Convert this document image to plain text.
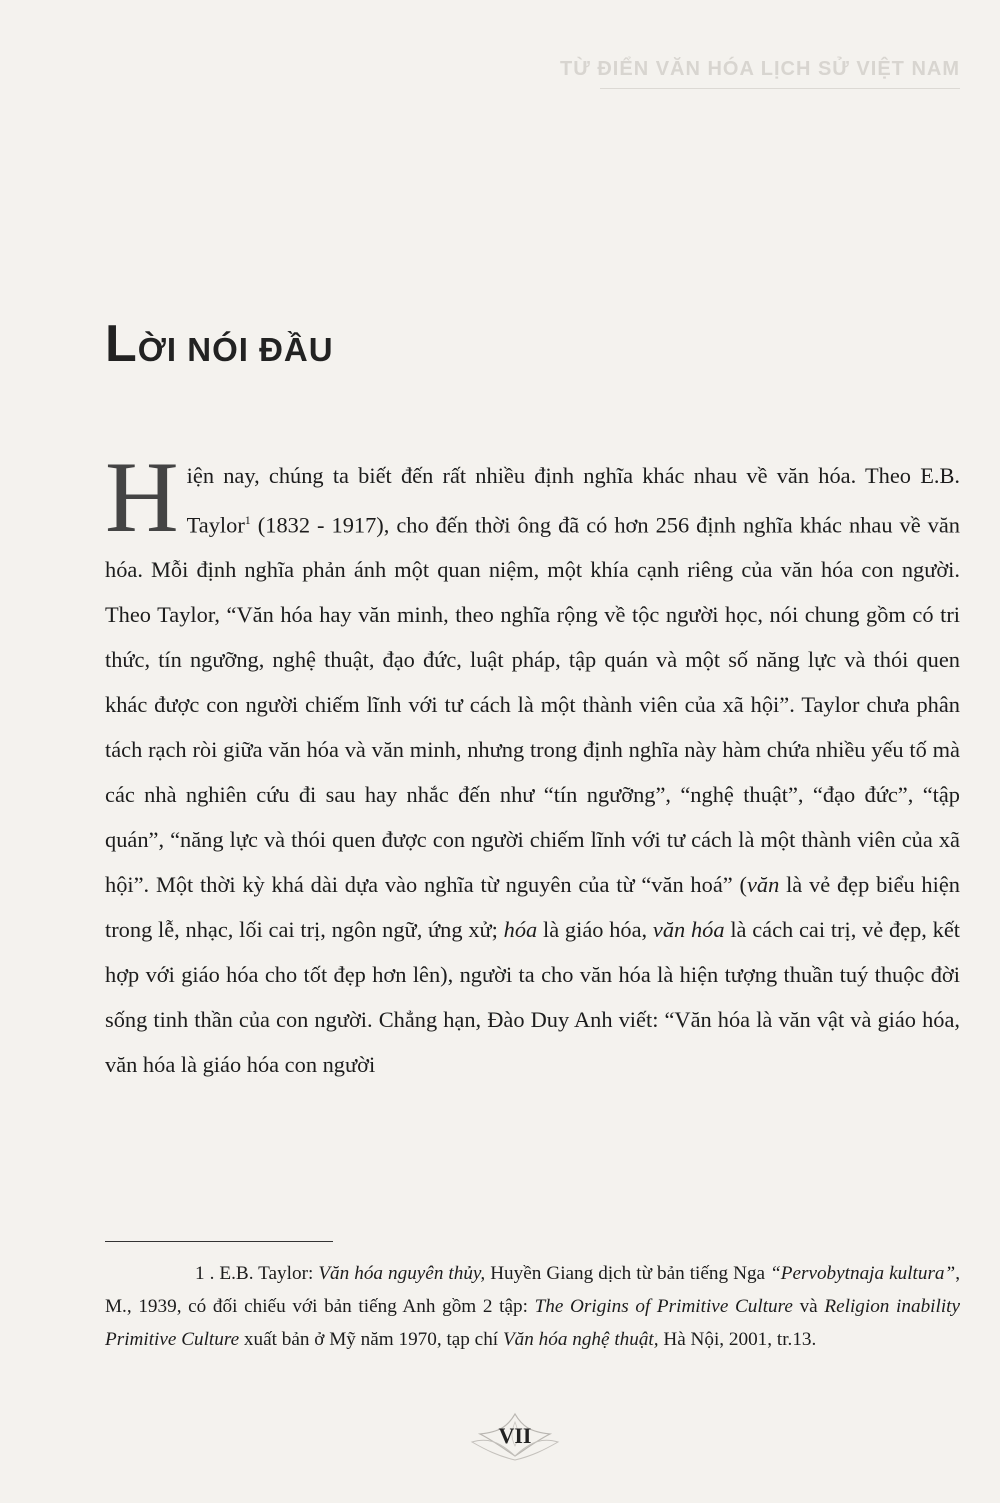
TỪ ĐIỂN VĂN HÓA LỊCH SỬ VIỆT NAM
LỜI NÓI ĐẦU

Hiện nay, chúng ta biết đến rất nhiều định nghĩa khác nhau về văn hóa. Theo E.B. Taylor$^1$ (1832 - 1917), cho đến thời ông đã có hơn 256 định nghĩa khác nhau về văn hóa. Mỗi định nghĩa phản ánh một quan niệm, một khía cạnh riêng của văn hóa con người. Theo Taylor, “Văn hóa hay văn minh, theo nghĩa rộng về tộc người học, nói chung gồm có tri thức, tín ngưỡng, nghệ thuật, đạo đức, luật pháp, tập quán và một số năng lực và thói quen khác được con người chiếm lĩnh với tư cách là một thành viên của xã hội”. Taylor chưa phân tách rạch ròi giữa văn hóa và văn minh, nhưng trong định nghĩa này hàm chứa nhiều yếu tố mà các nhà nghiên cứu đi sau hay nhắc đến như “tín ngưỡng”, “nghệ thuật”, “đạo đức”, “tập quán”, “năng lực và thói quen được con người chiếm lĩnh với tư cách là một thành viên của xã hội”. Một thời kỳ khá dài dựa vào nghĩa từ nguyên của từ “văn hoá” (văn là vẻ đẹp biểu hiện trong lễ, nhạc, lối cai trị, ngôn ngữ, ứng xử; hóa là giáo hóa, văn hóa là cách cai trị, vẻ đẹp, kết hợp với giáo hóa cho tốt đẹp hơn lên), người ta cho văn hóa là hiện tượng thuần tuý thuộc đời sống tinh thần của con người. Chẳng hạn, Đào Duy Anh viết: “Văn hóa là văn vật và giáo hóa, văn hóa là giáo hóa con người

1 . E.B. Taylor: Văn hóa nguyên thủy, Huyền Giang dịch từ bản tiếng Nga “Pervobytnaja kultura”, M., 1939, có đối chiếu với bản tiếng Anh gồm 2 tập: The Origins of Primitive Culture và Religion inability Primitive Culture xuất bản ở Mỹ năm 1970, tạp chí Văn hóa nghệ thuật, Hà Nội, 2001, tr.13.

VII
